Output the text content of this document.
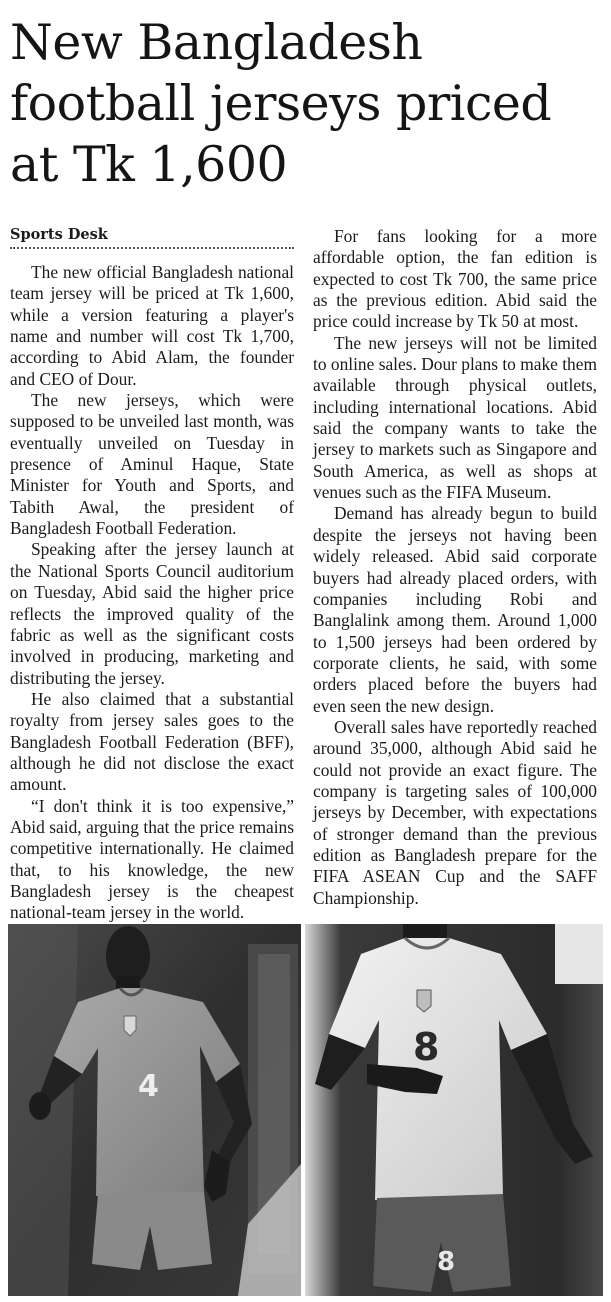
New Bangladesh football jerseys priced at Tk 1,600
Sports Desk

The new official Bangladesh national team jersey will be priced at Tk 1,600, while a version featuring a player's name and number will cost Tk 1,700, according to Abid Alam, the founder and CEO of Dour.

The new jerseys, which were supposed to be unveiled last month, was eventually unveiled on Tuesday in presence of Aminul Haque, State Minister for Youth and Sports, and Tabith Awal, the president of Bangladesh Football Federation.

Speaking after the jersey launch at the National Sports Council auditorium on Tuesday, Abid said the higher price reflects the improved quality of the fabric as well as the significant costs involved in producing, marketing and distributing the jersey.

He also claimed that a substantial royalty from jersey sales goes to the Bangladesh Football Federation (BFF), although he did not disclose the exact amount.

“I don't think it is too expensive,” Abid said, arguing that the price remains competitive internationally. He claimed that, to his knowledge, the new Bangladesh jersey is the cheapest national-team jersey in the world.

For fans looking for a more affordable option, the fan edition is expected to cost Tk 700, the same price as the previous edition. Abid said the price could increase by Tk 50 at most.

The new jerseys will not be limited to online sales. Dour plans to make them available through physical outlets, including international locations. Abid said the company wants to take the jersey to markets such as Singapore and South America, as well as shops at venues such as the FIFA Museum.

Demand has already begun to build despite the jerseys not having been widely released. Abid said corporate buyers had already placed orders, with companies including Robi and Banglalink among them. Around 1,000 to 1,500 jerseys had been ordered by corporate clients, he said, with some orders placed before the buyers had even seen the new design.

Overall sales have reportedly reached around 35,000, although Abid said he could not provide an exact figure. The company is targeting sales of 100,000 jerseys by December, with expectations of stronger demand than the previous edition as Bangladesh prepare for the FIFA ASEAN Cup and the SAFF Championship.

4
8
8
